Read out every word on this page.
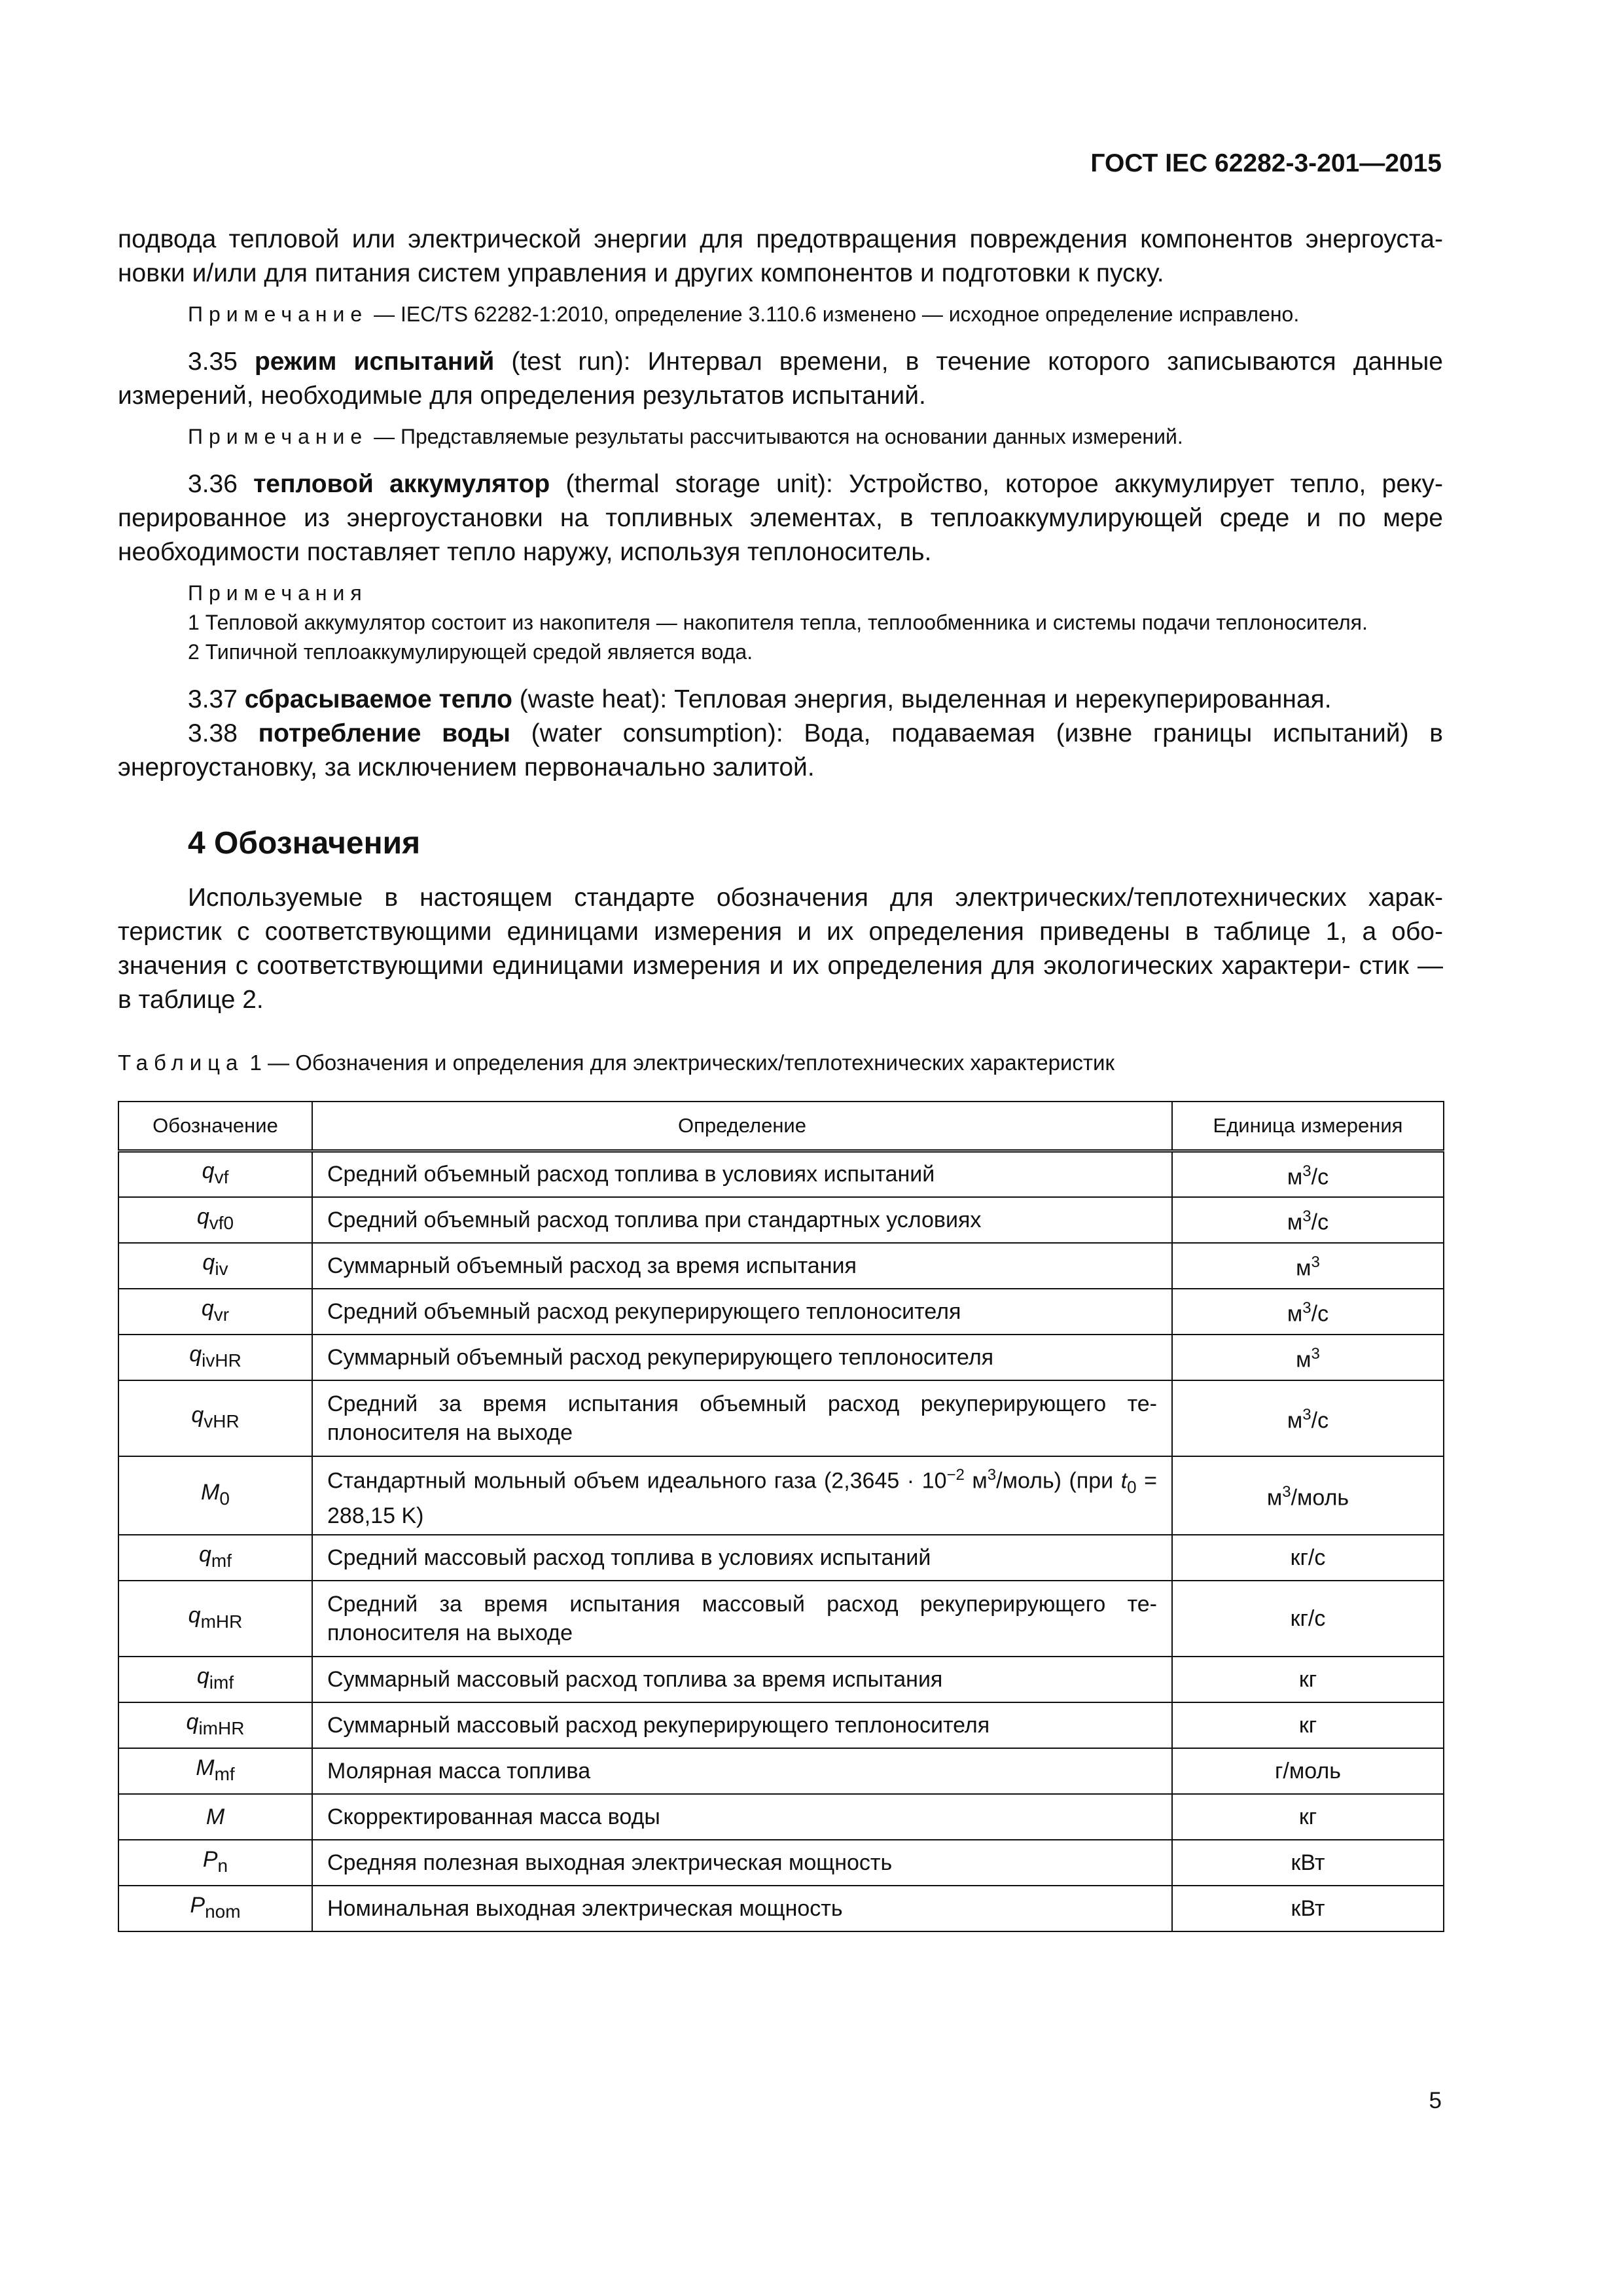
ГОСТ IEC 62282-3-201—2015

подвода тепловой или электрической энергии для предотвращения повреждения компонентов энергоуста- новки и/или для питания систем управления и других компонентов и подготовки к пуску.

Примечание — IEC/TS 62282-1:2010, определение 3.110.6 изменено — исходное определение исправлено.

3.35 режим испытаний (test run): Интервал времени, в течение которого записываются данные измерений, необходимые для определения результатов испытаний.

Примечание — Представляемые результаты рассчитываются на основании данных измерений.

3.36 тепловой аккумулятор (thermal storage unit): Устройство, которое аккумулирует тепло, реку- перированное из энергоустановки на топливных элементах, в теплоаккумулирующей среде и по мере необходимости поставляет тепло наружу, используя теплоноситель.

Примечания

1 Тепловой аккумулятор состоит из накопителя — накопителя тепла, теплообменника и системы подачи теплоносителя.

2 Типичной теплоаккумулирующей средой является вода.

3.37 сбрасываемое тепло (waste heat): Тепловая энергия, выделенная и нерекуперированная.

3.38 потребление воды (water consumption): Вода, подаваемая (извне границы испытаний) в энергоустановку, за исключением первоначально залитой.

4 Обозначения

Используемые в настоящем стандарте обозначения для электрических/теплотехнических харак- теристик с соответствующими единицами измерения и их определения приведены в таблице 1, а обо- значения с соответствующими единицами измерения и их определения для экологических характери- стик — в таблице 2.

Таблица 1 — Обозначения и определения для электрических/теплотехнических характеристик
Обозначение	Определение	Единица измерения
$q_{vf}$	Средний объемный расход топлива в условиях испытаний	$м^3/с$
$q_{vf0}$	Средний объемный расход топлива при стандартных условиях	$м^3/с$
$q_{iv}$	Суммарный объемный расход за время испытания	$м^3$
$q_{vr}$	Средний объемный расход рекуперирующего теплоносителя	$м^3/с$
$q_{ivHR}$	Суммарный объемный расход рекуперирующего теплоносителя	$м^3$
$q_{vHR}$	Средний за время испытания объемный расход рекуперирующего те- плоносителя на выходе	$м^3/с$
$M_0$	Стандартный мольный объем идеального газа ($2,3645 \cdot 10^{-2}$ $м^3/моль$) (при $t_0 = 288,15$ K)	$м^3$/моль
$q_{mf}$	Средний массовый расход топлива в условиях испытаний	кг/с
$q_{mHR}$	Средний за время испытания массовый расход рекуперирующего те- плоносителя на выходе	кг/с
$q_{imf}$	Суммарный массовый расход топлива за время испытания	кг
$q_{imHR}$	Суммарный массовый расход рекуперирующего теплоносителя	кг
$M_{mf}$	Молярная масса топлива	г/моль
M	Скорректированная масса воды	кг
$P_n$	Средняя полезная выходная электрическая мощность	кВт
$P_{nom}$	Номинальная выходная электрическая мощность	кВт
5
